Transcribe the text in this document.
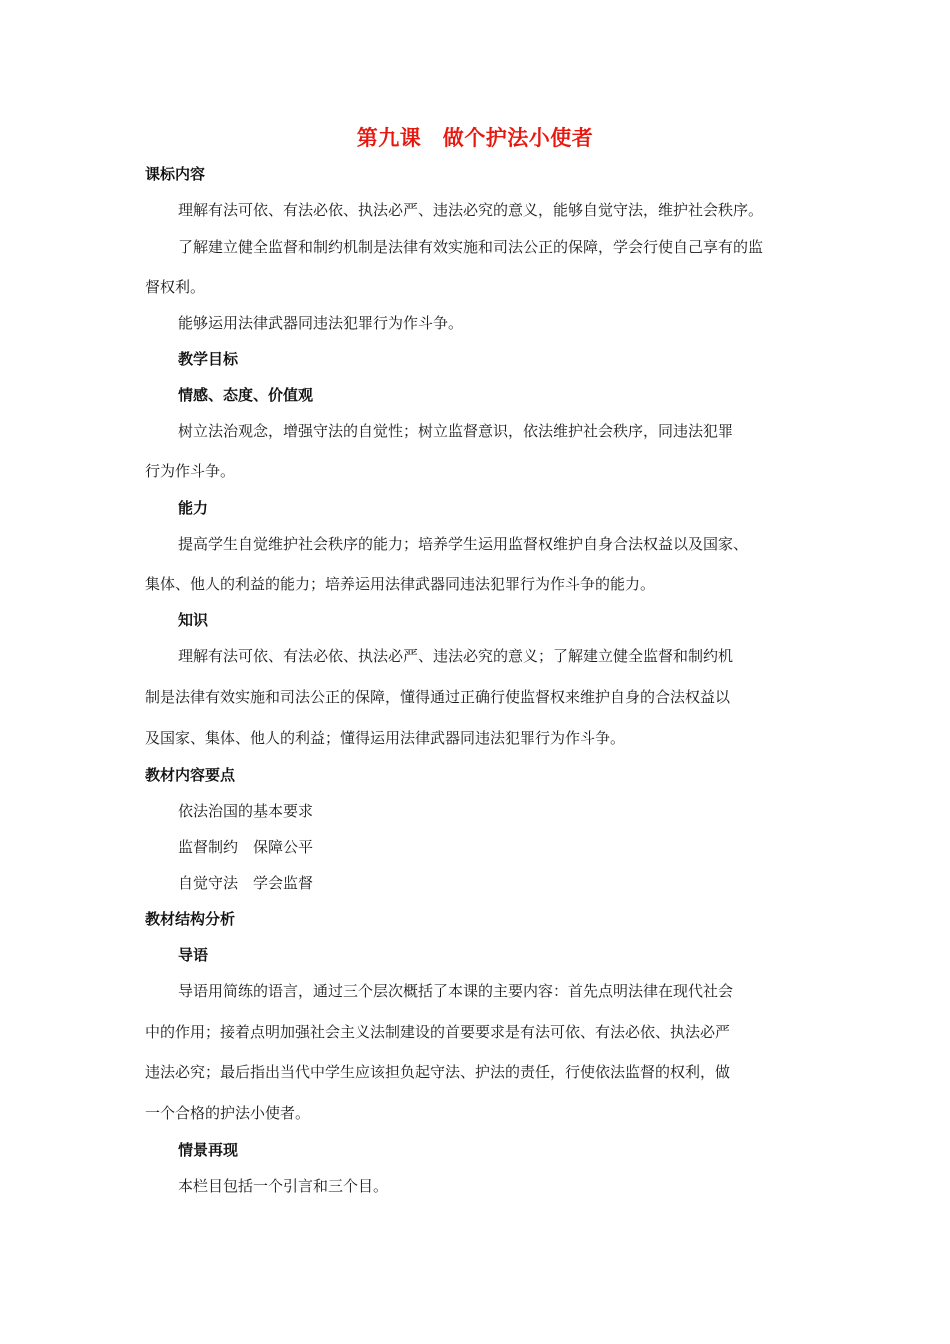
第九课　做个护法小使者
课标内容
理解有法可依、有法必依、执法必严、违法必究的意义，能够自觉守法，维护社会秩序。
了解建立健全监督和制约机制是法律有效实施和司法公正的保障，学会行使自己享有的监
督权利。
能够运用法律武器同违法犯罪行为作斗争。
教学目标
情感、态度、价值观
树立法治观念，增强守法的自觉性；树立监督意识，依法维护社会秩序，同违法犯罪
行为作斗争。
能力
提高学生自觉维护社会秩序的能力；培养学生运用监督权维护自身合法权益以及国家、
集体、他人的利益的能力；培养运用法律武器同违法犯罪行为作斗争的能力。
知识
理解有法可依、有法必依、执法必严、违法必究的意义；了解建立健全监督和制约机
制是法律有效实施和司法公正的保障，懂得通过正确行使监督权来维护自身的合法权益以
及国家、集体、他人的利益；懂得运用法律武器同违法犯罪行为作斗争。
教材内容要点
依法治国的基本要求
监督制约　保障公平
自觉守法　学会监督
教材结构分析
导语
导语用简练的语言，通过三个层次概括了本课的主要内容：首先点明法律在现代社会
中的作用；接着点明加强社会主义法制建设的首要要求是有法可依、有法必依、执法必严
违法必究；最后指出当代中学生应该担负起守法、护法的责任，行使依法监督的权利，做
一个合格的护法小使者。
情景再现
本栏目包括一个引言和三个目。
